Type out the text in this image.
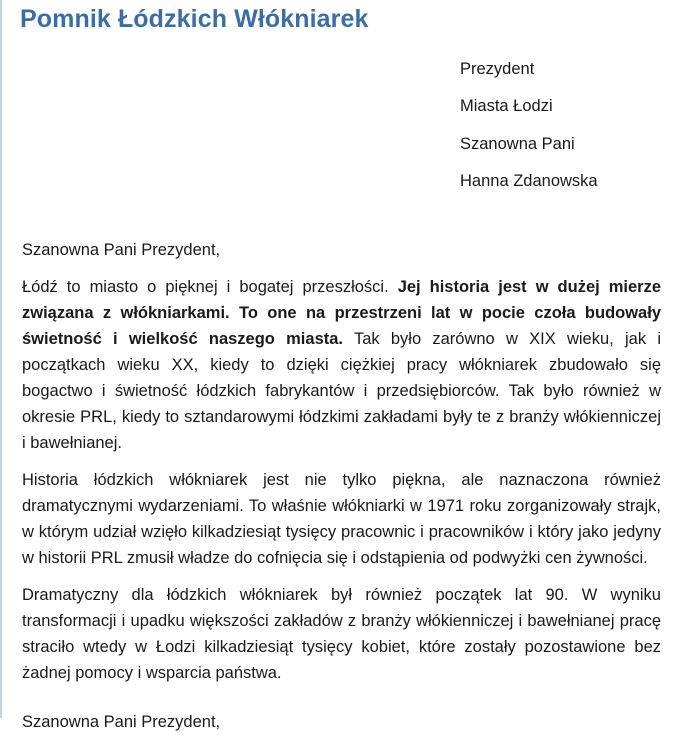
Pomnik Łódzkich Włókniarek
Prezydent
Miasta Łodzi
Szanowna Pani
Hanna Zdanowska

Szanowna Pani Prezydent,

Łódź to miasto o pięknej i bogatej przeszłości. Jej historia jest w dużej mierze związana z włókniarkami. To one na przestrzeni lat w pocie czoła budowały świetność i wielkość naszego miasta. Tak było zarówno w XIX wieku, jak i początkach wieku XX, kiedy to dzięki ciężkiej pracy włókniarek zbudowało się bogactwo i świetność łódzkich fabrykantów i przedsiębiorców. Tak było również w okresie PRL, kiedy to sztandarowymi łódzkimi zakładami były te z branży włókienniczej i bawełnianej.

Historia łódzkich włókniarek jest nie tylko piękna, ale naznaczona również dramatycznymi wydarzeniami. To właśnie włókniarki w 1971 roku zorganizowały strajk, w którym udział wzięło kilkadziesiąt tysięcy pracownic i pracowników i który jako jedyny w historii PRL zmusił władze do cofnięcia się i odstąpienia od podwyżki cen żywności.

Dramatyczny dla łódzkich włókniarek był również początek lat 90. W wyniku transformacji i upadku większości zakładów z branży włókienniczej i bawełnianej pracę straciło wtedy w Łodzi kilkadziesiąt tysięcy kobiet, które zostały pozostawione bez żadnej pomocy i wsparcia państwa.

Szanowna Pani Prezydent,
